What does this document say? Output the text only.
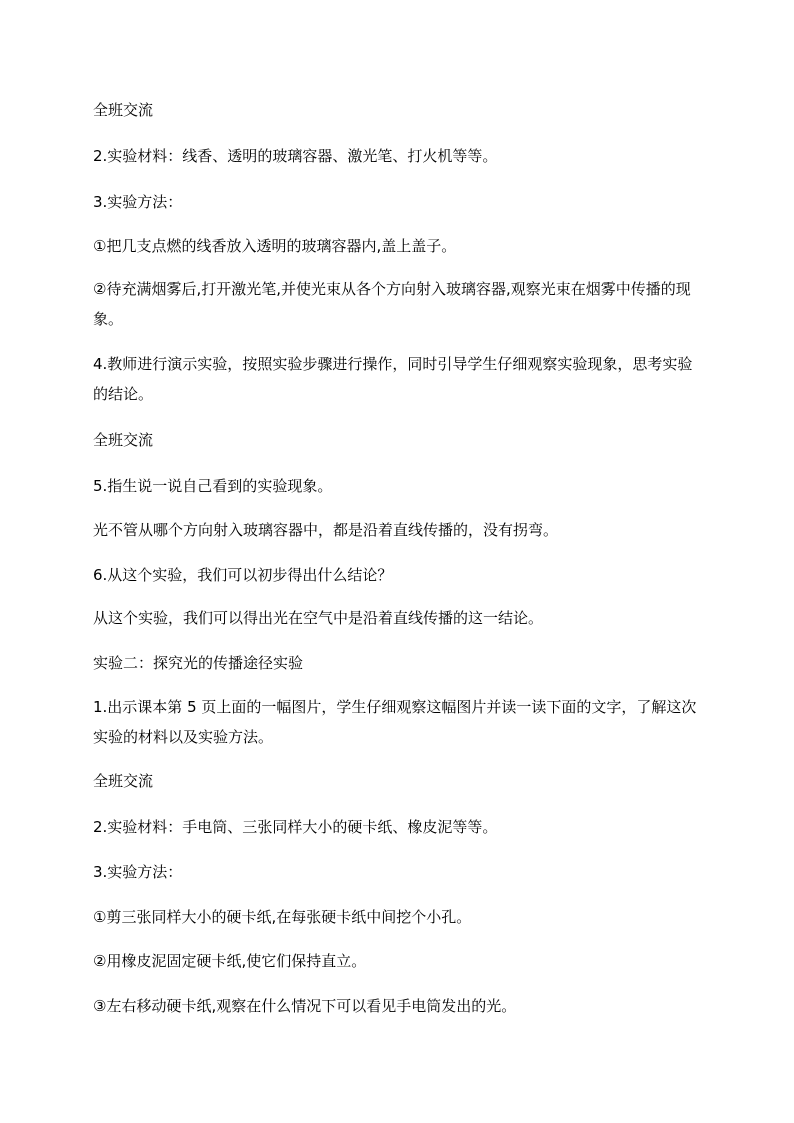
全班交流

2.实验材料：线香、透明的玻璃容器、激光笔、打火机等等。

3.实验方法：

①把几支点燃的线香放入透明的玻璃容器内,盖上盖子。

②待充满烟雾后,打开激光笔,并使光束从各个方向射入玻璃容器,观察光束在烟雾中传播的现象。

4.教师进行演示实验，按照实验步骤进行操作，同时引导学生仔细观察实验现象，思考实验的结论。

全班交流

5.指生说一说自己看到的实验现象。

光不管从哪个方向射入玻璃容器中，都是沿着直线传播的，没有拐弯。

6.从这个实验，我们可以初步得出什么结论？

从这个实验，我们可以得出光在空气中是沿着直线传播的这一结论。

实验二：探究光的传播途径实验

1.出示课本第 5 页上面的一幅图片，学生仔细观察这幅图片并读一读下面的文字，了解这次实验的材料以及实验方法。

全班交流

2.实验材料：手电筒、三张同样大小的硬卡纸、橡皮泥等等。

3.实验方法：

①剪三张同样大小的硬卡纸,在每张硬卡纸中间挖个小孔。

②用橡皮泥固定硬卡纸,使它们保持直立。

③左右移动硬卡纸,观察在什么情况下可以看见手电筒发出的光。
